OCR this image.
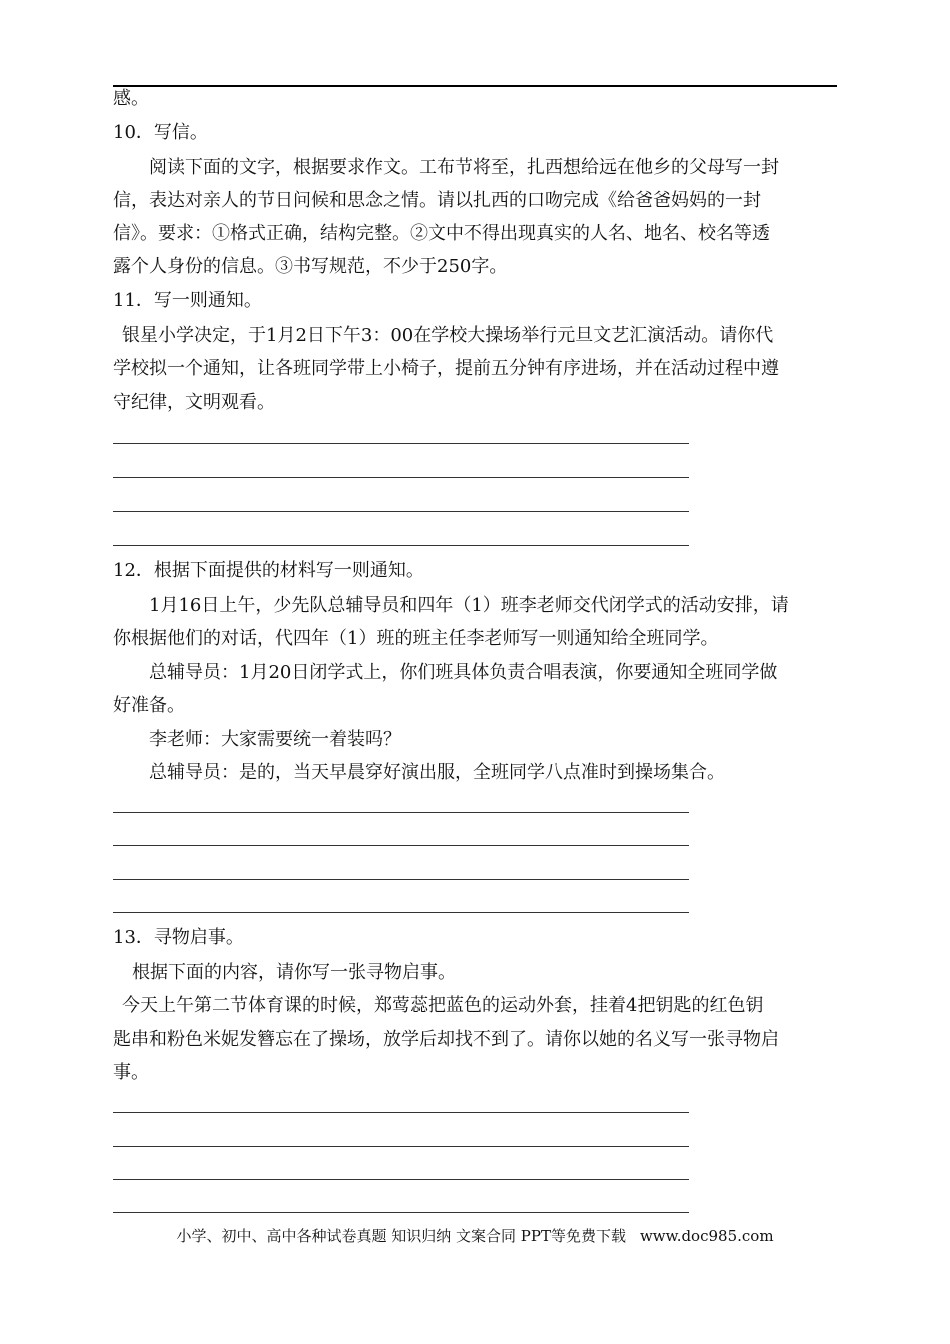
感。
10．写信。
阅读下面的文字，根据要求作文。工布节将至，扎西想给远在他乡的父母写一封
信，表达对亲人的节日问候和思念之情。请以扎西的口吻完成《给爸爸妈妈的一封
信》。要求：①格式正确，结构完整。②文中不得出现真实的人名、地名、校名等透
露个人身份的信息。③书写规范，不少于250字。
11．写一则通知。
银星小学决定，于1月2日下午3：00在学校大操场举行元旦文艺汇演活动。请你代
学校拟一个通知，让各班同学带上小椅子，提前五分钟有序进场，并在活动过程中遵
守纪律，文明观看。
12．根据下面提供的材料写一则通知。
1月16日上午，少先队总辅导员和四年（1）班李老师交代闭学式的活动安排，请
你根据他们的对话，代四年（1）班的班主任李老师写一则通知给全班同学。
总辅导员：1月20日闭学式上，你们班具体负责合唱表演，你要通知全班同学做
好准备。
李老师：大家需要统一着装吗？
总辅导员：是的，当天早晨穿好演出服，全班同学八点准时到操场集合。
13．寻物启事。
根据下面的内容，请你写一张寻物启事。
今天上午第二节体育课的时候，郑莺蕊把蓝色的运动外套，挂着4把钥匙的红色钥
匙串和粉色米妮发簪忘在了操场，放学后却找不到了。请你以她的名义写一张寻物启
事。
小学、初中、高中各种试卷真题 知识归纳 文案合同 PPT等免费下载 www.doc985.com
